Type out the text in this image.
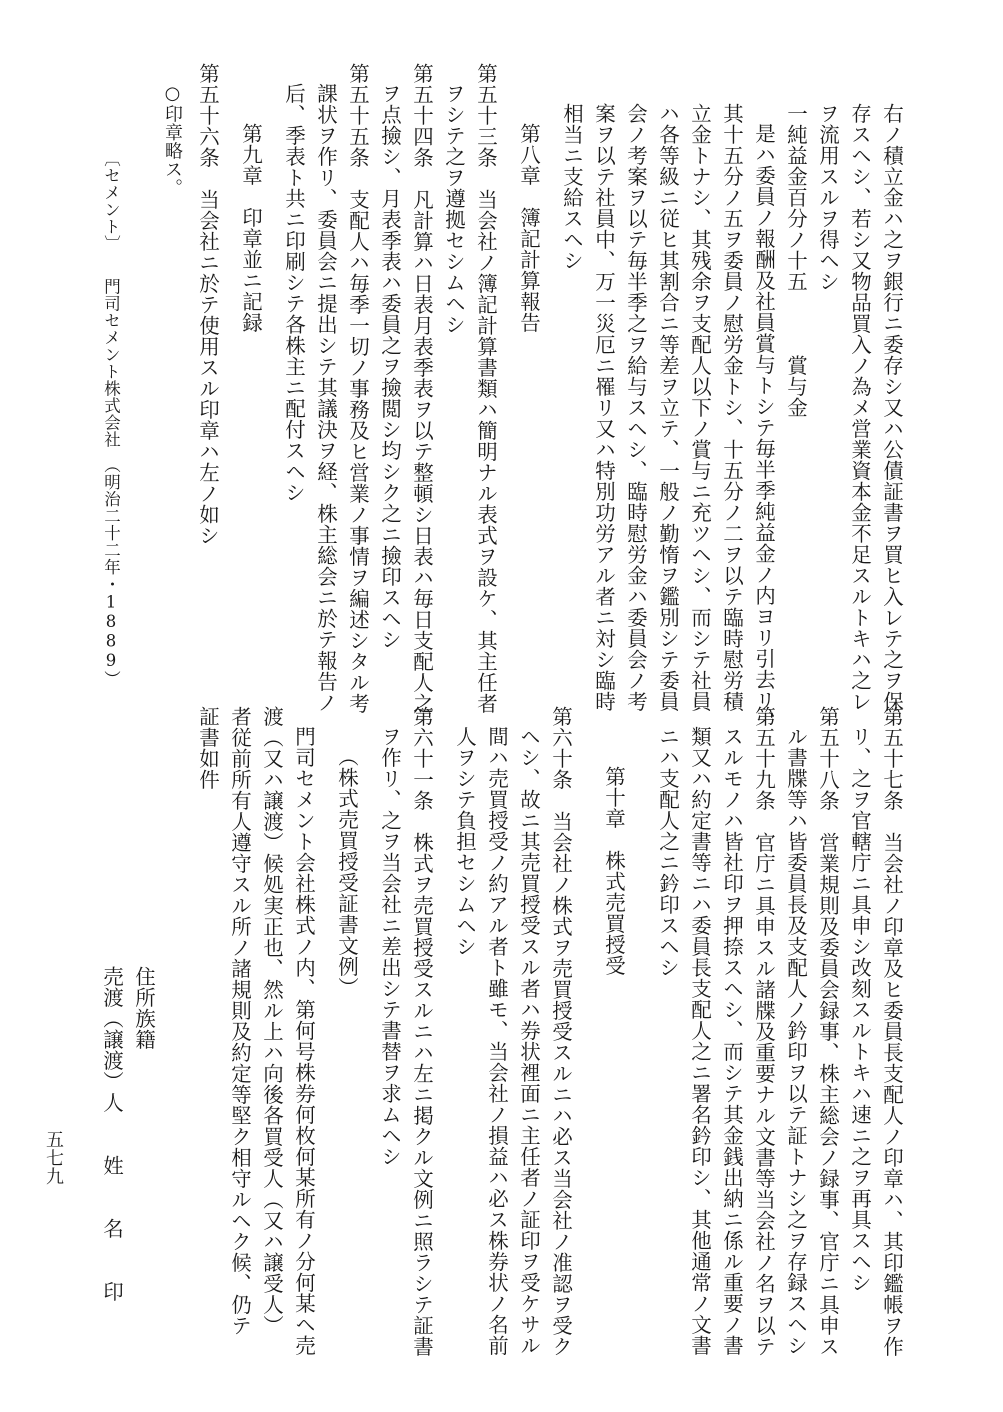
右ノ積立金ハ之ヲ銀行ニ委存シ又ハ公債証書ヲ買ヒ入レテ之ヲ保

存スヘシ、若シ又物品買入ノ為メ営業資本金不足スルトキハ之レ

ヲ流用スルヲ得ヘシ

一純益金百分ノ十五　　　賞与金

是ハ委員ノ報酬及社員賞与トシテ毎半季純益金ノ内ヨリ引去リ、

其十五分ノ五ヲ委員ノ慰労金トシ、十五分ノ二ヲ以テ臨時慰労積

立金トナシ、其残余ヲ支配人以下ノ賞与ニ充ツヘシ、而シテ社員

ハ各等級ニ従ヒ其割合ニ等差ヲ立テ、一般ノ勤惰ヲ鑑別シテ委員

会ノ考案ヲ以テ毎半季之ヲ給与スヘシ、臨時慰労金ハ委員会ノ考

案ヲ以テ社員中、万一災厄ニ罹リ又ハ特別功労アル者ニ対シ臨時

相当ニ支給スヘシ

第八章　簿記計算報告

第五十三条　当会社ノ簿記計算書類ハ簡明ナル表式ヲ設ケ、其主任者

ヲシテ之ヲ遵拠セシムヘシ

第五十四条　凡計算ハ日表月表季表ヲ以テ整頓シ日表ハ毎日支配人之

ヲ点撿シ、月表季表ハ委員之ヲ撿閲シ均シク之ニ撿印スヘシ

第五十五条　支配人ハ毎季一切ノ事務及ヒ営業ノ事情ヲ編述シタル考

課状ヲ作リ、委員会ニ提出シテ其議決ヲ経、株主総会ニ於テ報告ノ

后、季表ト共ニ印刷シテ各株主ニ配付スヘシ

第九章　印章並ニ記録

第五十六条　当会社ニ於テ使用スル印章ハ左ノ如シ

○印章略ス。

〔セメント〕　　門司セメント株式会社　（明治二十二年・1889）

第五十七条　当会社ノ印章及ヒ委員長支配人ノ印章ハ、其印鑑帳ヲ作

リ、之ヲ官轄庁ニ具申シ改刻スルトキハ速ニ之ヲ再具スヘシ

第五十八条　営業規則及委員会録事、株主総会ノ録事、官庁ニ具申ス

ル書牒等ハ皆委員長及支配人ノ鈐印ヲ以テ証トナシ之ヲ存録スヘシ

第五十九条　官庁ニ具申スル諸牒及重要ナル文書等当会社ノ名ヲ以テ

スルモノハ皆社印ヲ押捺スヘシ、而シテ其金銭出納ニ係ル重要ノ書

類又ハ約定書等ニハ委員長支配人之ニ署名鈐印シ、其他通常ノ文書

ニハ支配人之ニ鈐印スヘシ

第十章　株式売買授受

第六十条　当会社ノ株式ヲ売買授受スルニハ必ス当会社ノ准認ヲ受ク

ヘシ、故ニ其売買授受スル者ハ券状裡面ニ主任者ノ証印ヲ受ケサル

間ハ売買授受ノ約アル者ト雖モ、当会社ノ損益ハ必ス株券状ノ名前

人ヲシテ負担セシムヘシ

第六十一条　株式ヲ売買授受スルニハ左ニ掲クル文例ニ照ラシテ証書

ヲ作リ、之ヲ当会社ニ差出シテ書替ヲ求ムヘシ

（株式売買授受証書文例）

門司セメント会社株式ノ内、第何号株券何枚何某所有ノ分何某ヘ売

渡（又ハ譲渡）候処実正也、然ル上ハ向後各買受人（又ハ譲受人）

者従前所有人遵守スル所ノ諸規則及約定等堅ク相守ルヘク候、仍テ

証書如件

住所族籍

売渡（譲渡）人　　姓　　名　　印

五七九
